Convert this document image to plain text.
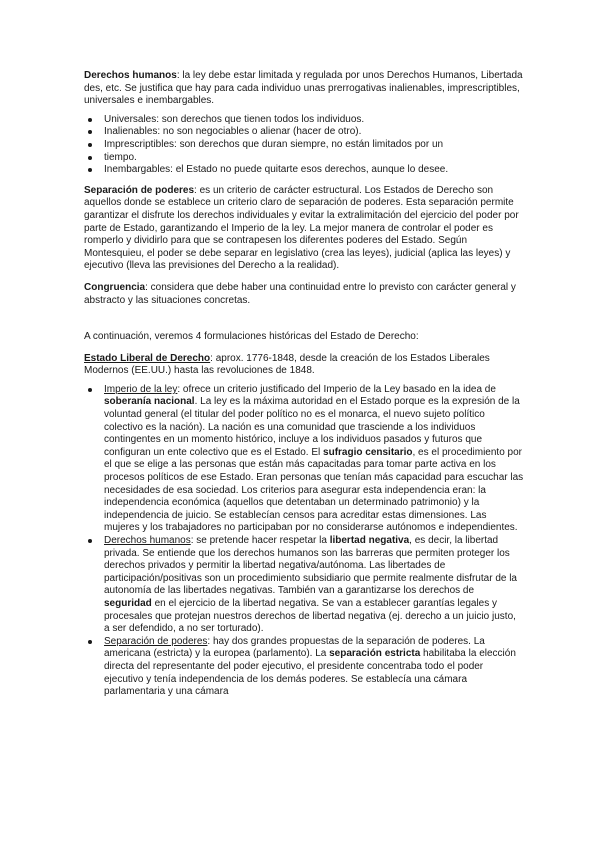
Derechos humanos: la ley debe estar limitada y regulada por unos Derechos Humanos, Libertada des, etc. Se justifica que hay para cada individuo unas prerrogativas inalienables, imprescriptibles, universales e inembargables.

Universales: son derechos que tienen todos los individuos.
Inalienables: no son negociables o alienar (hacer de otro).
Imprescriptibles: son derechos que duran siempre, no están limitados por un
tiempo.
Inembargables: el Estado no puede quitarte esos derechos, aunque lo desee.

Separación de poderes: es un criterio de carácter estructural. Los Estados de Derecho son aquellos donde se establece un criterio claro de separación de poderes. Esta separación permite garantizar el disfrute los derechos individuales y evitar la extralimitación del ejercicio del poder por parte de Estado, garantizando el Imperio de la ley. La mejor manera de controlar el poder es romperlo y dividirlo para que se contrapesen los diferentes poderes del Estado. Según Montesquieu, el poder se debe separar en legislativo (crea las leyes), judicial (aplica las leyes) y ejecutivo (lleva las previsiones del Derecho a la realidad).

Congruencia: considera que debe haber una continuidad entre lo previsto con carácter general y abstracto y las situaciones concretas.

A continuación, veremos 4 formulaciones históricas del Estado de Derecho:

Estado Liberal de Derecho: aprox. 1776-1848, desde la creación de los Estados Liberales Modernos (EE.UU.) hasta las revoluciones de 1848.

Imperio de la ley: ofrece un criterio justificado del Imperio de la Ley basado en la idea de soberanía nacional. La ley es la máxima autoridad en el Estado porque es la expresión de la voluntad general (el titular del poder político no es el monarca, el nuevo sujeto político colectivo es la nación). La nación es una comunidad que trasciende a los individuos contingentes en un momento histórico, incluye a los individuos pasados y futuros que configuran un ente colectivo que es el Estado. El sufragio censitario, es el procedimiento por el que se elige a las personas que están más capacitadas para tomar parte activa en los procesos políticos de ese Estado. Eran personas que tenían más capacidad para escuchar las necesidades de esa sociedad. Los criterios para asegurar esta independencia eran: la independencia económica (aquellos que detentaban un determinado patrimonio) y la independencia de juicio. Se establecían censos para acreditar estas dimensiones. Las mujeres y los trabajadores no participaban por no considerarse autónomos e independientes.
Derechos humanos: se pretende hacer respetar la libertad negativa, es decir, la libertad privada. Se entiende que los derechos humanos son las barreras que permiten proteger los derechos privados y permitir la libertad negativa/autónoma. Las libertades de participación/positivas son un procedimiento subsidiario que permite realmente disfrutar de la autonomía de las libertades negativas. También van a garantizarse los derechos de seguridad en el ejercicio de la libertad negativa. Se van a establecer garantías legales y procesales que protejan nuestros derechos de libertad negativa (ej. derecho a un juicio justo, a ser defendido, a no ser torturado).
Separación de poderes: hay dos grandes propuestas de la separación de poderes. La americana (estricta) y la europea (parlamento). La separación estricta habilitaba la elección directa del representante del poder ejecutivo, el presidente concentraba todo el poder ejecutivo y tenía independencia de los demás poderes. Se establecía una cámara parlamentaria y una cámara
